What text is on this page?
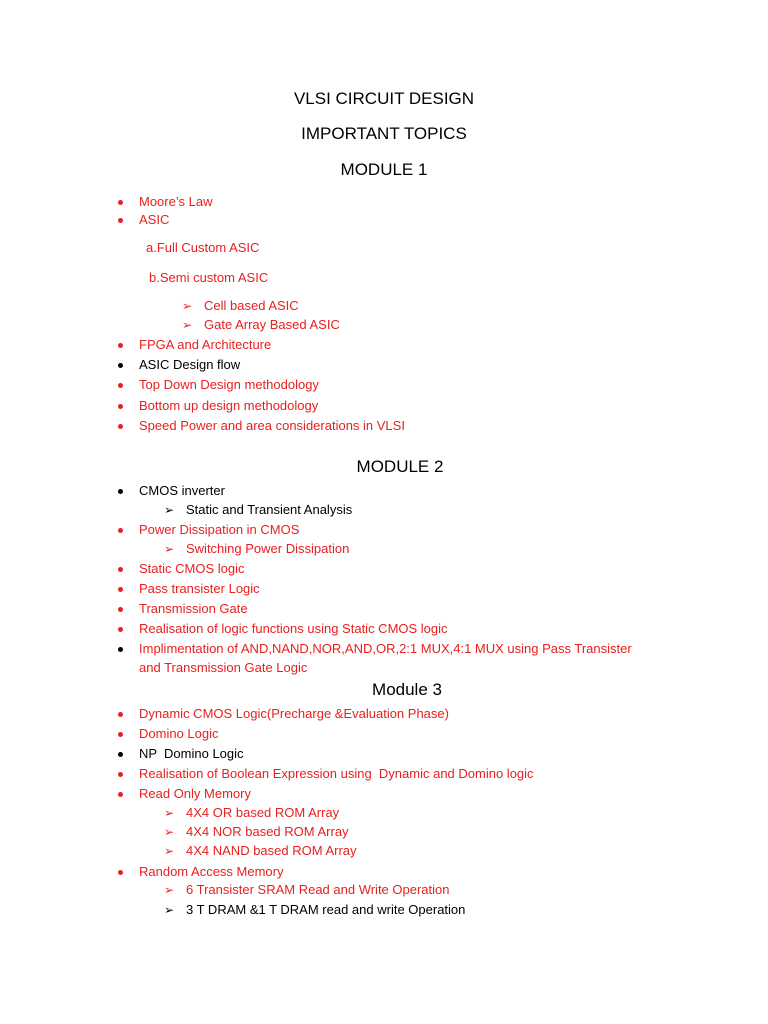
VLSI CIRCUIT DESIGN
IMPORTANT TOPICS
MODULE 1
Moore’s Law
ASIC
a.Full Custom ASIC
b.Semi custom ASIC
➢ Cell based ASIC
➢ Gate Array Based ASIC
FPGA and Architecture
ASIC Design flow
Top Down Design methodology
Bottom up design methodology
Speed Power and area considerations in VLSI
MODULE 2
CMOS inverter
➢ Static and Transient Analysis
Power Dissipation in CMOS
➢ Switching Power Dissipation
Static CMOS logic
Pass transister Logic
Transmission Gate
Realisation of logic functions using Static CMOS logic
Implimentation of AND,NAND,NOR,AND,OR,2:1 MUX,4:1 MUX using Pass Transister
and Transmission Gate Logic
Module 3
Dynamic CMOS Logic(Precharge &Evaluation Phase)
Domino Logic
NP  Domino Logic
Realisation of Boolean Expression using  Dynamic and Domino logic
Read Only Memory
➢ 4X4 OR based ROM Array
➢ 4X4 NOR based ROM Array
➢ 4X4 NAND based ROM Array
Random Access Memory
➢ 6 Transister SRAM Read and Write Operation
➢ 3 T DRAM &1 T DRAM read and write Operation
